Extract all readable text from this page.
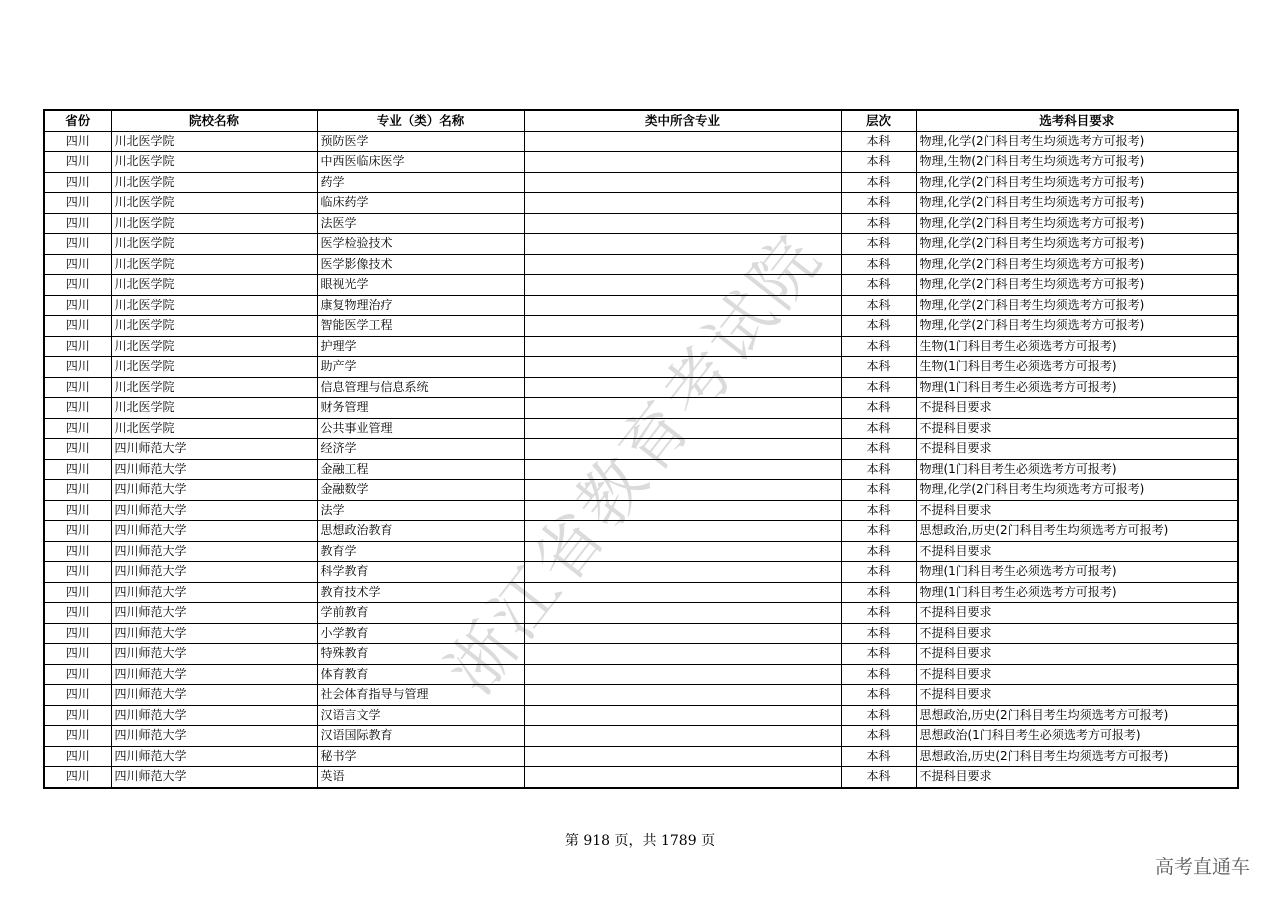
浙江省教育考试院
省份	院校名称	专业（类）名称	类中所含专业	层次	选考科目要求
四川	川北医学院	预防医学		本科	物理,化学(2门科目考生均须选考方可报考)
四川	川北医学院	中西医临床医学		本科	物理,生物(2门科目考生均须选考方可报考)
四川	川北医学院	药学		本科	物理,化学(2门科目考生均须选考方可报考)
四川	川北医学院	临床药学		本科	物理,化学(2门科目考生均须选考方可报考)
四川	川北医学院	法医学		本科	物理,化学(2门科目考生均须选考方可报考)
四川	川北医学院	医学检验技术		本科	物理,化学(2门科目考生均须选考方可报考)
四川	川北医学院	医学影像技术		本科	物理,化学(2门科目考生均须选考方可报考)
四川	川北医学院	眼视光学		本科	物理,化学(2门科目考生均须选考方可报考)
四川	川北医学院	康复物理治疗		本科	物理,化学(2门科目考生均须选考方可报考)
四川	川北医学院	智能医学工程		本科	物理,化学(2门科目考生均须选考方可报考)
四川	川北医学院	护理学		本科	生物(1门科目考生必须选考方可报考)
四川	川北医学院	助产学		本科	生物(1门科目考生必须选考方可报考)
四川	川北医学院	信息管理与信息系统		本科	物理(1门科目考生必须选考方可报考)
四川	川北医学院	财务管理		本科	不提科目要求
四川	川北医学院	公共事业管理		本科	不提科目要求
四川	四川师范大学	经济学		本科	不提科目要求
四川	四川师范大学	金融工程		本科	物理(1门科目考生必须选考方可报考)
四川	四川师范大学	金融数学		本科	物理,化学(2门科目考生均须选考方可报考)
四川	四川师范大学	法学		本科	不提科目要求
四川	四川师范大学	思想政治教育		本科	思想政治,历史(2门科目考生均须选考方可报考)
四川	四川师范大学	教育学		本科	不提科目要求
四川	四川师范大学	科学教育		本科	物理(1门科目考生必须选考方可报考)
四川	四川师范大学	教育技术学		本科	物理(1门科目考生必须选考方可报考)
四川	四川师范大学	学前教育		本科	不提科目要求
四川	四川师范大学	小学教育		本科	不提科目要求
四川	四川师范大学	特殊教育		本科	不提科目要求
四川	四川师范大学	体育教育		本科	不提科目要求
四川	四川师范大学	社会体育指导与管理		本科	不提科目要求
四川	四川师范大学	汉语言文学		本科	思想政治,历史(2门科目考生均须选考方可报考)
四川	四川师范大学	汉语国际教育		本科	思想政治(1门科目考生必须选考方可报考)
四川	四川师范大学	秘书学		本科	思想政治,历史(2门科目考生均须选考方可报考)
四川	四川师范大学	英语		本科	不提科目要求
第 918 页，共 1789 页
高考直通车
